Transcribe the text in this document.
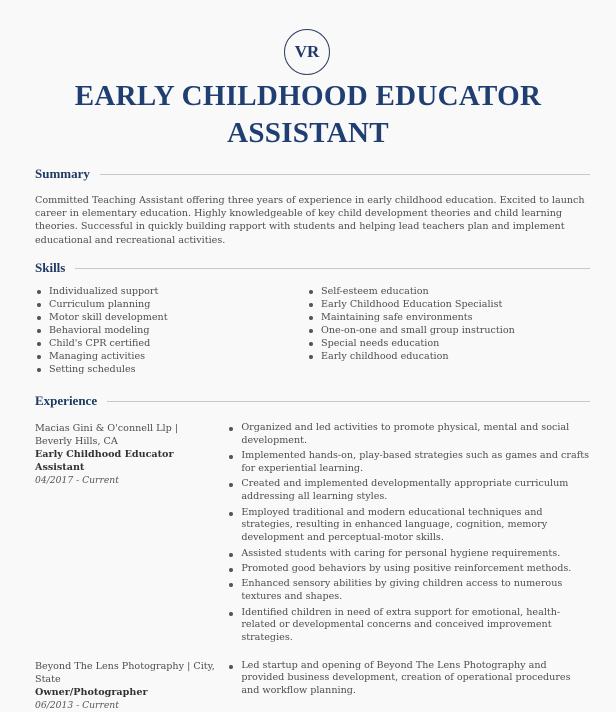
VR
EARLY CHILDHOOD EDUCATOR
ASSISTANT
Summary

Committed Teaching Assistant offering three years of experience in early childhood education. Excited to launch career in elementary education. Highly knowledgeable of key child development theories and child learning theories. Successful in quickly building rapport with students and helping lead teachers plan and implement educational and recreational activities.

Skills
Individualized support
Curriculum planning
Motor skill development
Behavioral modeling
Child's CPR certified
Managing activities
Setting schedules
Self-esteem education
Early Childhood Education Specialist
Maintaining safe environments
One-on-one and small group instruction
Special needs education
Early childhood education
Experience
Macias Gini & O'connell Llp | Beverly Hills, CA
Early Childhood Educator Assistant
04/2017 - Current
Organized and led activities to promote physical, mental and social development.
Implemented hands-on, play-based strategies such as games and crafts for experiential learning.
Created and implemented developmentally appropriate curriculum addressing all learning styles.
Employed traditional and modern educational techniques and strategies, resulting in enhanced language, cognition, memory development and perceptual-motor skills.
Assisted students with caring for personal hygiene requirements.
Promoted good behaviors by using positive reinforcement methods.
Enhanced sensory abilities by giving children access to numerous textures and shapes.
Identified children in need of extra support for emotional, health-related or developmental concerns and conceived improvement strategies.
Beyond The Lens Photography | City, State
Owner/Photographer
06/2013 - Current
Led startup and opening of Beyond The Lens Photography and provided business development, creation of operational procedures and workflow planning.
